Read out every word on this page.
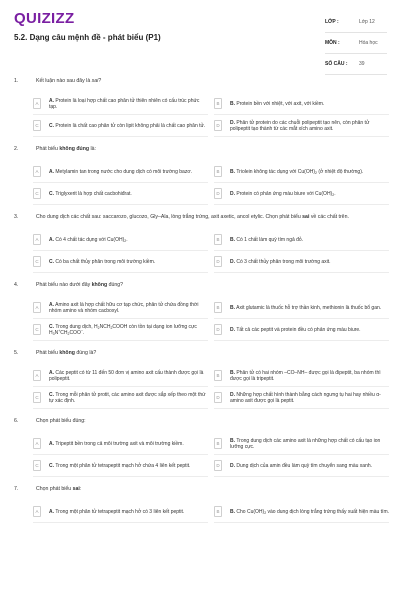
QUIZIZZ
5.2. Dạng câu mệnh đề - phát biểu (P1)
LỚP :	Lớp 12
MÔN :	Hóa học
SỐ CÂU :	39
1.	Kết luận nào sau đây là sai?
A	A. Protein là loại hợp chất cao phân tử thiên nhiên có cấu trúc phức tạp.	B	B. Protein bền với nhiệt, với axit, với kiềm.
C	C. Protein là chất cao phân tử còn lipit không phải là chất cao phân tử.	D	D. Phân tử protein do các chuỗi polipeptit tạo nên, còn phân tử polipeptit tạo thành từ các mắt xích amino axit.
2.	Phát biểu không đúng là:
A	A. Metylamin tan trong nước cho dung dịch có môi trường bazơ.	B	B. Triolein không tác dụng với $Cu(OH)_2$ (ở nhiệt độ thường).
C	C. Triglyxerit là hợp chất cacbohiđrat.	D	D. Protein có phản ứng màu biure với $Cu(OH)_2$.
3.	Cho dung dịch các chất sau: saccarozo, glucozo, Gly–Ala, lòng trắng trứng, axit axetic, ancol etylic. Chọn phát biểu sai về các chất trên.
A	A. Có 4 chất tác dụng với $Cu(OH)_2$.	B	B. Có 1 chất làm quỳ tím ngả đỏ.
C	C. Có ba chất thủy phân trong môi trường kiềm.	D	D. Có 3 chất thủy phân trong môi trường axit.
4.	Phát biểu nào dưới đây không đúng?
A	A. Amino axit là hợp chất hữu cơ tạp chức, phân tử chứa đồng thời nhóm amino và nhóm cacboxyl.	B	B. Axit glutamic là thuốc hỗ trợ thần kinh, methionin là thuốc bổ gan.
C	C. Trong dung dịch, $H_2NCH_2COOH$ còn tồn tại dạng ion lưỡng cực $H_3N^+CH_2COO^-$.	D	D. Tất cả các peptit và protein đều có phản ứng màu biure.
5.	Phát biểu không đúng là?
A	A. Các peptit có từ 11 đến 50 đơn vị amino axit cấu thành được gọi là polipeptit.	B	B. Phân tử có hai nhóm –CO–NH– được gọi là đipeptit, ba nhóm thì được gọi là tripeptit.
C	C. Trong mỗi phân tử protit, các amino axit được sắp xếp theo một thứ tự xác định.	D	D. Những hợp chất hình thành bằng cách ngưng tụ hai hay nhiều α-amino axit được gọi là peptit.
6.	Chọn phát biểu đúng:
A	A. Tripeptit bền trong cả môi trường axit và môi trường kiềm.	B	B. Trong dung dịch các amino axit là những hợp chất có cấu tạo ion lưỡng cực.
C	C. Trong một phân tử tetrapeptit mạch hở chứa 4 liên kết peptit.	D	D. Dung dịch của amin đều làm quỳ tím chuyển sang màu xanh.
7.	Chọn phát biểu sai:
A	A. Trong một phân tử tetrapeptit mạch hở có 3 liên kết peptit.	B	B. Cho $Cu(OH)_2$ vào dung dịch lòng trắng trứng thấy xuất hiện màu tím.
